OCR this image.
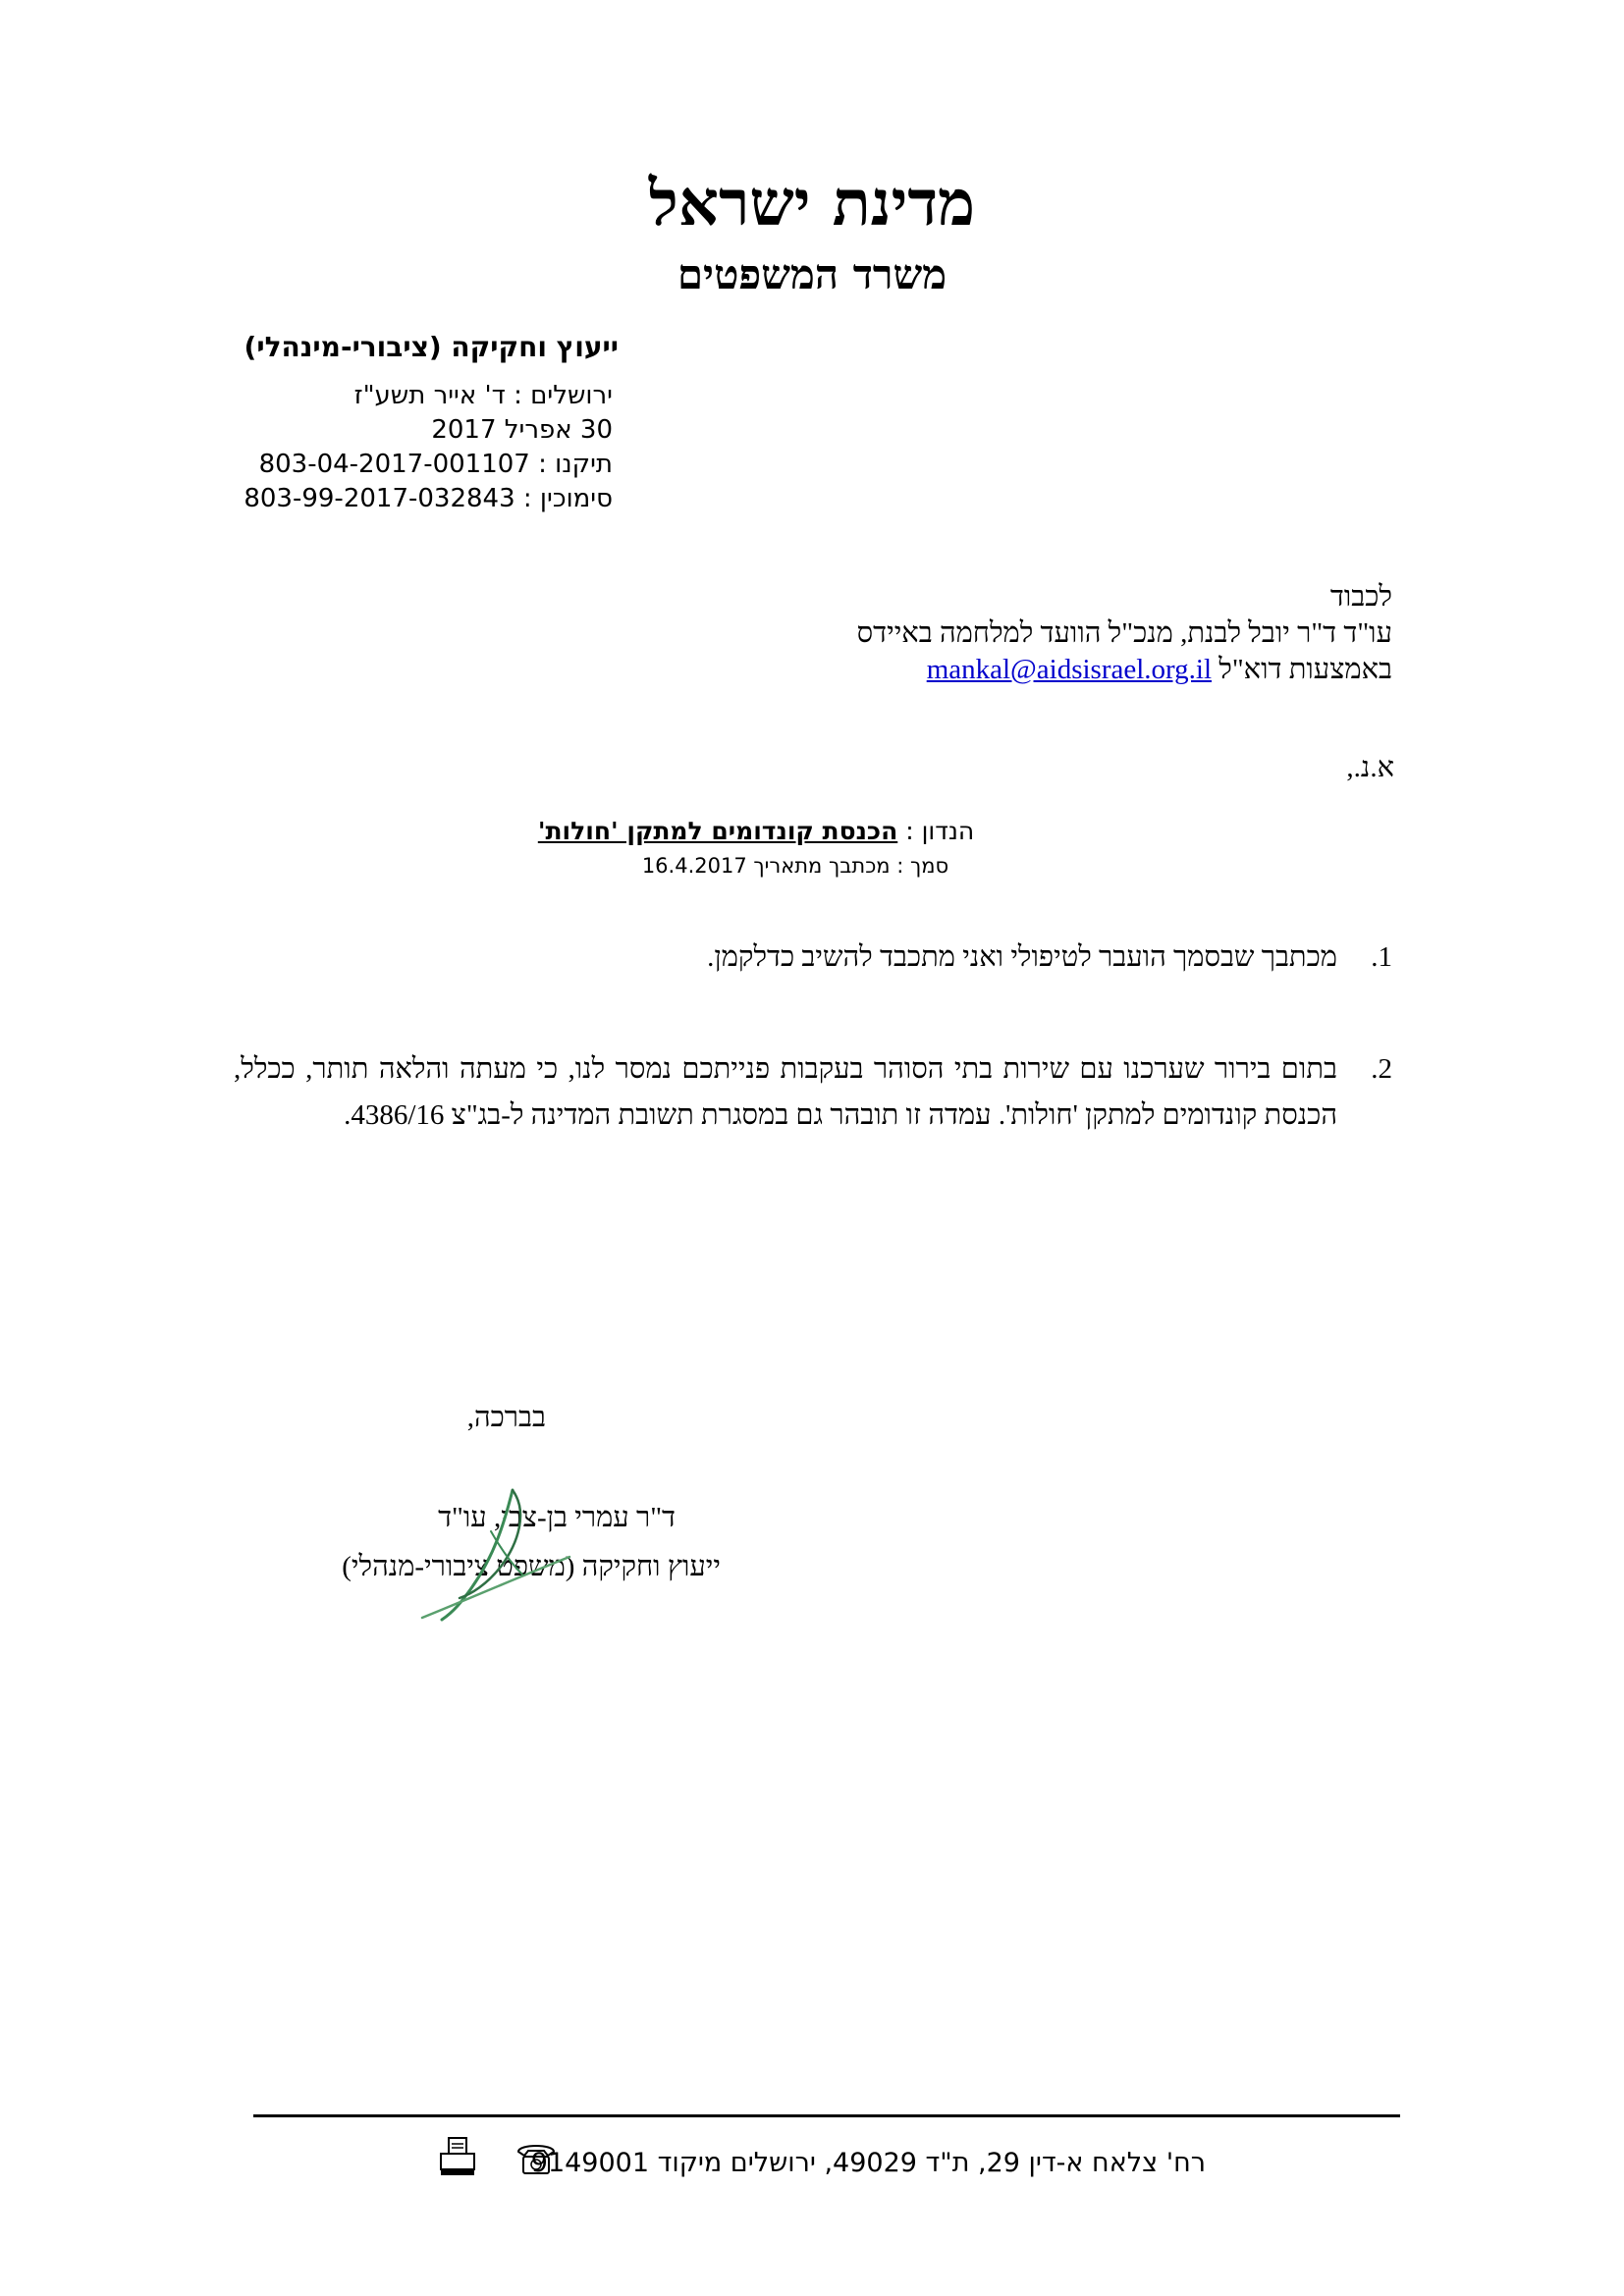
מדינת ישראל
משרד המשפטים
ייעוץ וחקיקה (ציבורי-מינהלי)
ירושלים : ד' אייר תשע"ז
30 אפריל 2017
תיקנו : 803-04-2017-001107
סימוכין : 803-99-2017-032843
לכבוד
עו"ד ד"ר יובל לבנת, מנכ"ל הוועד למלחמה באיידס
באמצעות דוא"ל mankal@aidsisrael.org.il
א.נ.,
הנדון : הכנסת קונדומים למתקן 'חולות'
סמך : מכתבך מתאריך 16.4.2017
1.
מכתבך שבסמך הועבר לטיפולי ואני מתכבד להשיב כדלקמן.
2.
בתום בירור שערכנו עם שירות בתי הסוהר בעקבות פנייתכם נמסר לנו, כי מעתה והלאה תותר, ככלל, הכנסת קונדומים למתקן 'חולות'. עמדה זו תובהר גם במסגרת תשובת המדינה ל-בג"צ 4386/16.
בברכה,
ד"ר עמרי בן-צבי, עו"ד
ייעוץ וחקיקה (משפט ציבורי-מנהלי)
רח' צלאח א-דין 29, ת"ד 49029, ירושלים מיקוד 9149001
